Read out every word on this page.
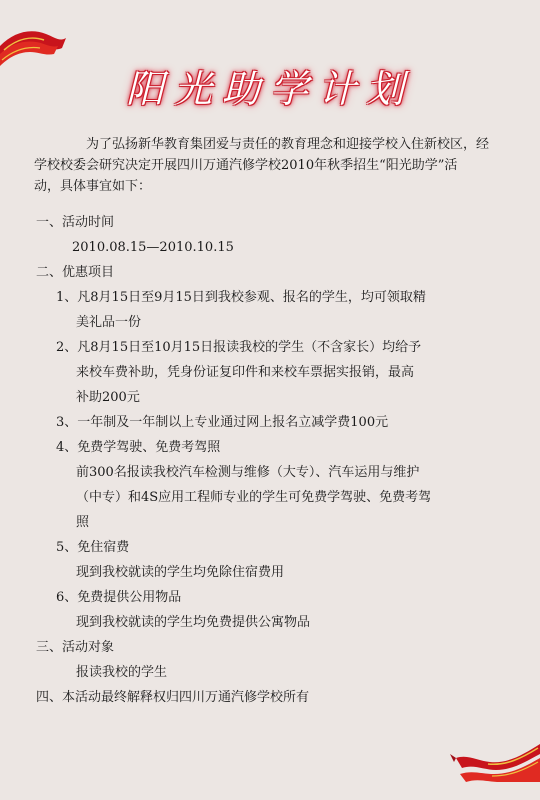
阳光助学计划
为了弘扬新华教育集团爱与责任的教育理念和迎接学校入住新校区，经
学校校委会研究决定开展四川万通汽修学校2010年秋季招生“阳光助学”活
动，具体事宜如下：
一、活动时间
2010.08.15—2010.10.15
二、优惠项目
1、凡8月15日至9月15日到我校参观、报名的学生，均可领取精
美礼品一份
2、凡8月15日至10月15日报读我校的学生（不含家长）均给予
来校车费补助，凭身份证复印件和来校车票据实报销，最高
补助200元
3、一年制及一年制以上专业通过网上报名立减学费100元
4、免费学驾驶、免费考驾照
前300名报读我校汽车检测与维修（大专）、汽车运用与维护
（中专）和4S应用工程师专业的学生可免费学驾驶、免费考驾
照
5、免住宿费
现到我校就读的学生均免除住宿费用
6、免费提供公用物品
现到我校就读的学生均免费提供公寓物品
三、活动对象
报读我校的学生
四、本活动最终解释权归四川万通汽修学校所有
